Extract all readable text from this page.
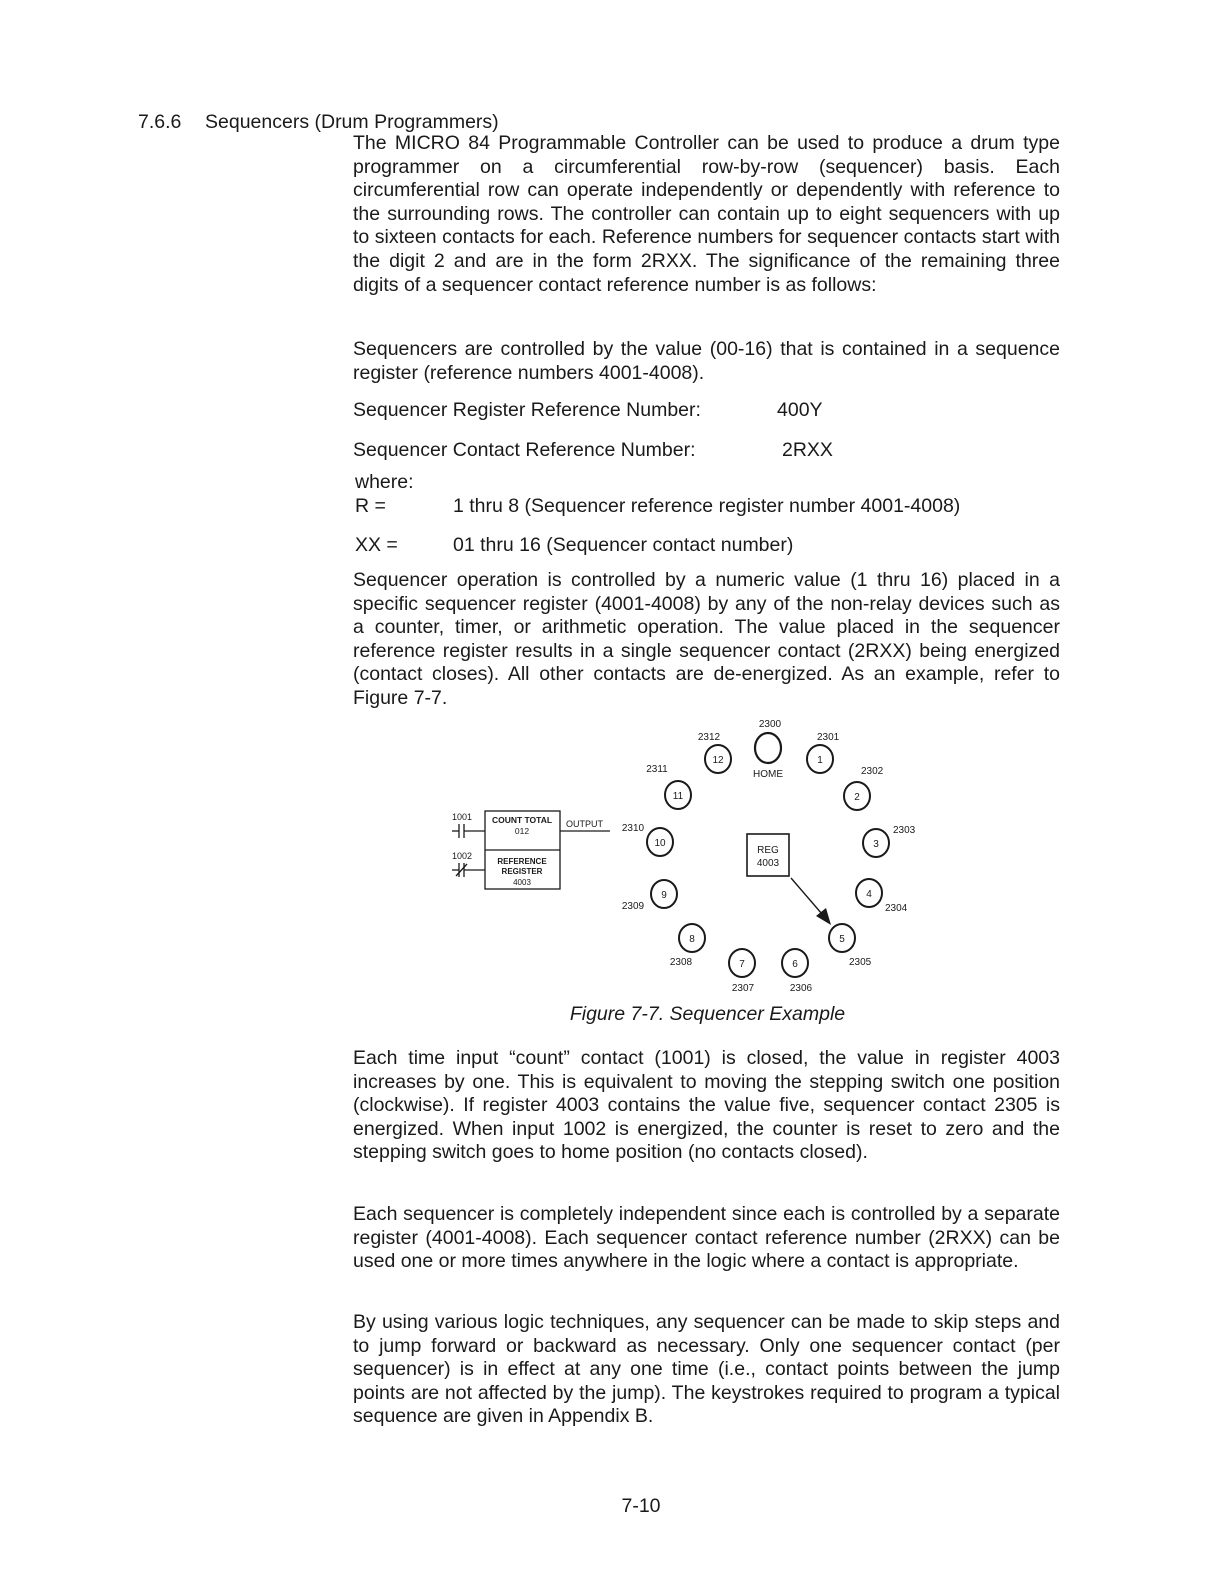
7.6.6 Sequencers (Drum Programmers)

The MICRO 84 Programmable Controller can be used to produce a drum type programmer on a circumferential row-by-row (sequencer) basis. Each circumferential row can operate independently or dependently with reference to the surrounding rows. The controller can contain up to eight sequencers with up to sixteen contacts for each. Reference numbers for sequencer contacts start with the digit 2 and are in the form 2RXX. The significance of the remaining three digits of a sequencer contact reference number is as follows:

Sequencers are controlled by the value (00-16) that is contained in a sequence register (reference numbers 4001-4008).

Sequencer Register Reference Number:	400Y
Sequencer Contact Reference Number:	2RXX
where:
R =	1 thru 8 (Sequencer reference register number 4001-4008)
XX =	01 thru 16 (Sequencer contact number)

Sequencer operation is controlled by a numeric value (1 thru 16) placed in a specific sequencer register (4001-4008) by any of the non-relay devices such as a counter, timer, or arithmetic operation. The value placed in the sequencer reference register results in a single sequencer contact (2RXX) being energized (contact closes). All other contacts are de-energized. As an example, refer to Figure 7-7.

1001
1002
COUNT TOTAL
012
REFERENCE
REGISTER
4003
OUTPUT
REG
4003
HOME
2300
1
2301
2
2302
3
2303
4
2304
5
2305
6
2306
7
2307
8
2308
9
2309
10
2310
11
2311
12
2312
Figure 7-7. Sequencer Example

Each time input “count” contact (1001) is closed, the value in register 4003 increases by one. This is equivalent to moving the stepping switch one position (clockwise). If register 4003 contains the value five, sequencer contact 2305 is energized. When input 1002 is energized, the counter is reset to zero and the stepping switch goes to home position (no contacts closed).

Each sequencer is completely independent since each is controlled by a separate register (4001-4008). Each sequencer contact reference number (2RXX) can be used one or more times anywhere in the logic where a contact is appropriate.

By using various logic techniques, any sequencer can be made to skip steps and to jump forward or backward as necessary. Only one sequencer contact (per sequencer) is in effect at any one time (i.e., contact points between the jump points are not affected by the jump). The keystrokes required to program a typical sequence are given in Appendix B.

7-10
